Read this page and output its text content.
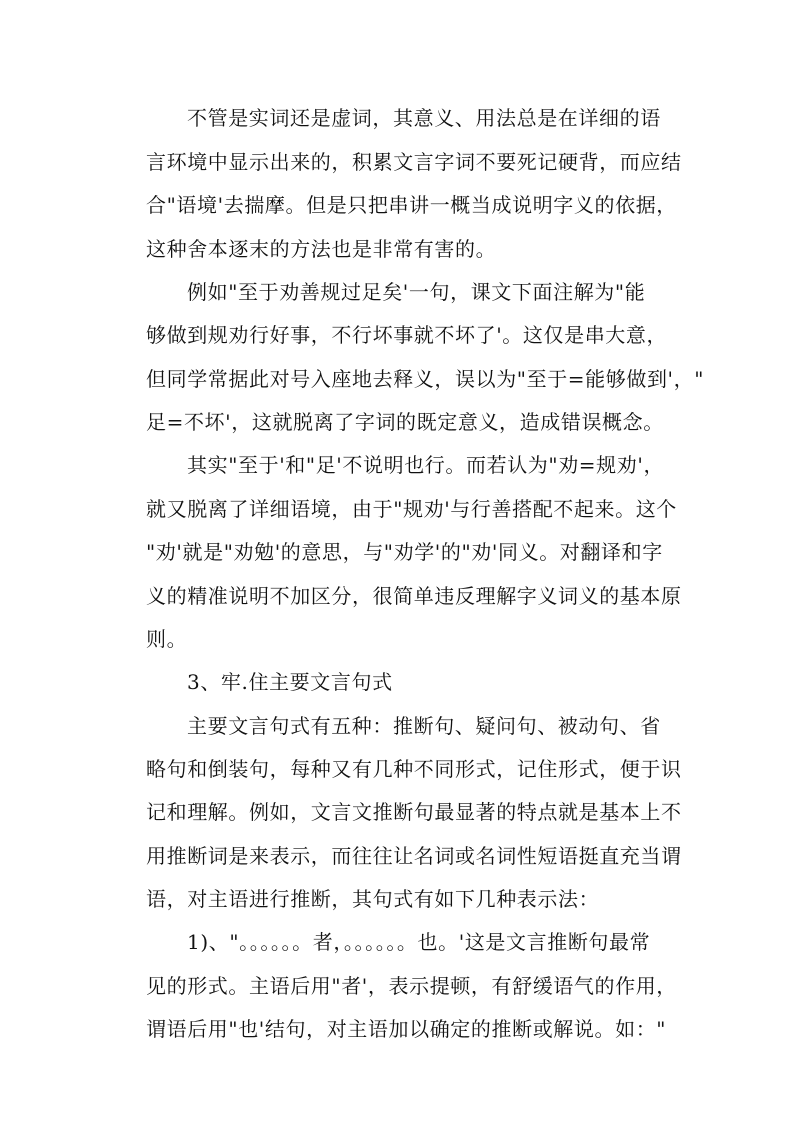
不管是实词还是虚词，其意义、用法总是在详细的语
言环境中显示出来的，积累文言字词不要死记硬背，而应结
合"语境'去揣摩。但是只把串讲一概当成说明字义的依据，
这种舍本逐末的方法也是非常有害的。
例如"至于劝善规过足矣'一句，课文下面注解为"能
够做到规劝行好事，不行坏事就不坏了'。这仅是串大意，
但同学常据此对号入座地去释义，误以为"至于=能够做到'，"
足=不坏'，这就脱离了字词的既定意义，造成错误概念。
其实"至于'和"足'不说明也行。而若认为"劝=规劝'，
就又脱离了详细语境，由于"规劝'与行善搭配不起来。这个
"劝'就是"劝勉'的意思，与"劝学'的"劝'同义。对翻译和字
义的精准说明不加区分，很简单违反理解字义词义的基本原
则。
3、牢.住主要文言句式
主要文言句式有五种：推断句、疑问句、被动句、省
略句和倒装句，每种又有几种不同形式，记住形式，便于识
记和理解。例如，文言文推断句最显著的特点就是基本上不
用推断词是来表示，而往往让名词或名词性短语挺直充当谓
语，对主语进行推断，其句式有如下几种表示法：
1)、"。。。。。。者，。。。。。。也。'这是文言推断句最常
见的形式。主语后用"者'，表示提顿，有舒缓语气的作用，
谓语后用"也'结句，对主语加以确定的推断或解说。如："
